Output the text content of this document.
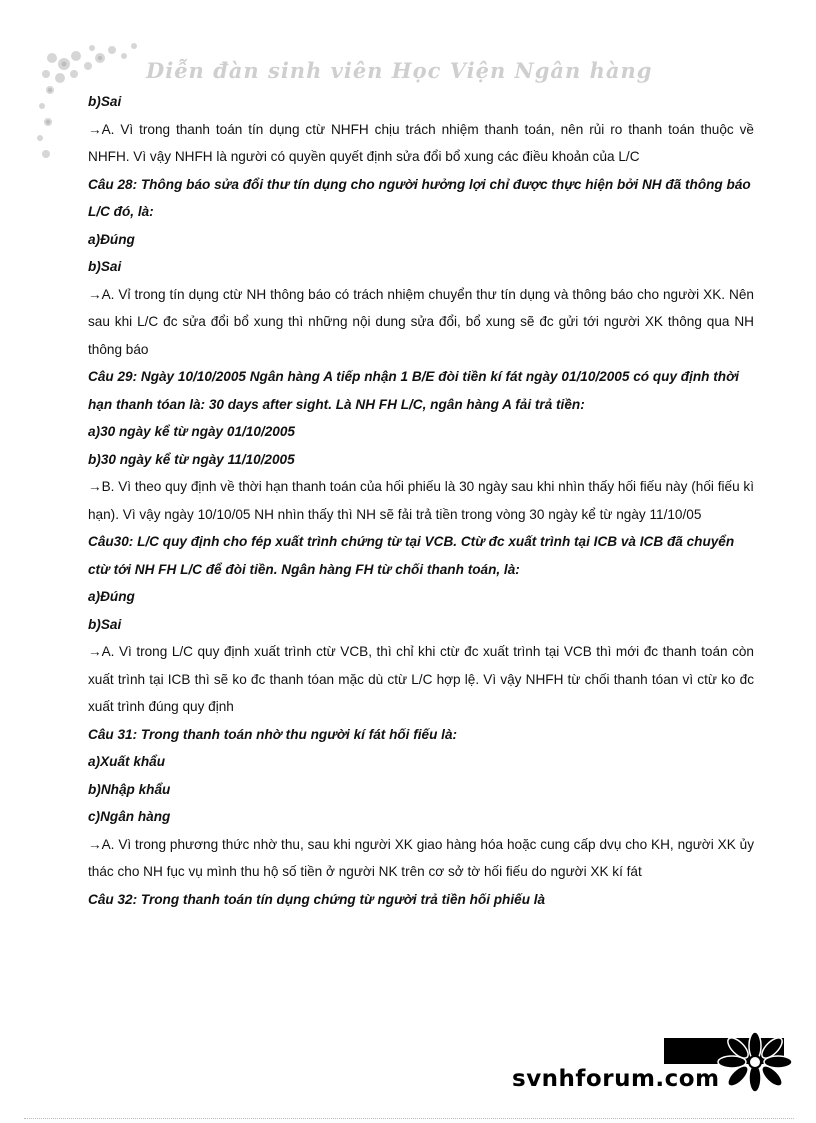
Diễn đàn sinh viên Học Viện Ngân hàng

b)Sai

→A. Vì trong thanh toán tín dụng ctừ NHFH chịu trách nhiệm thanh toán, nên rủi ro thanh toán thuộc về NHFH. Vì vậy NHFH là người có quyền quyết định sửa đổi bổ xung các điều khoản của L/C

Câu 28: Thông báo sửa đổi thư tín dụng cho người hưởng lợi chỉ được thực hiện bởi NH đã thông báo L/C đó, là:

a)Đúng

b)Sai

→A. Vỉ trong tín dụng ctừ NH thông báo có trách nhiệm chuyển thư tín dụng và thông báo cho người XK. Nên sau khi L/C đc sửa đổi bổ xung thì những nội dung sửa đổi, bổ xung sẽ đc gửi tới người XK thông qua NH thông báo

Câu 29: Ngày 10/10/2005 Ngân hàng A tiếp nhận 1 B/E đòi tiền kí fát ngày 01/10/2005 có quy định thời hạn thanh tóan là: 30 days after sight. Là NH FH L/C, ngân hàng A fải trả tiền:

a)30 ngày kể từ ngày 01/10/2005

b)30 ngày kể từ ngày 11/10/2005

→B. Vì theo quy định về thời hạn thanh toán của hối phiếu là 30 ngày sau khi nhìn thấy hối fiếu này (hối fiếu kì hạn). Vì vậy ngày 10/10/05 NH nhìn thấy thì NH sẽ fải trả tiền trong vòng 30 ngày kể từ ngày 11/10/05

Câu30: L/C quy định cho fép xuất trình chứng từ tại VCB. Ctừ đc xuất trình tại ICB và ICB đã chuyển ctừ tới NH FH L/C để đòi tiền. Ngân hàng FH từ chối thanh toán, là:

a)Đúng

b)Sai

→A. Vì trong L/C quy định xuất trình ctừ VCB, thì chỉ khi ctừ đc xuất trình tại VCB thì mới đc thanh toán còn xuất trình tại ICB thì sẽ ko đc thanh tóan mặc dù ctừ L/C hợp lệ. Vì vậy NHFH từ chối thanh tóan vì ctừ ko đc xuất trình đúng quy định

Câu 31: Trong thanh toán nhờ thu người kí fát hối fiếu là:

a)Xuất khẩu

b)Nhập khẩu

c)Ngân hàng

→A. Vì trong phương thức nhờ thu, sau khi người XK giao hàng hóa hoặc cung cấp dvụ cho KH, người XK ủy thác cho NH fục vụ mình thu hộ số tiền ở người NK trên cơ sở tờ hối fiếu do người XK kí fát

Câu 32: Trong thanh toán tín dụng chứng từ người trả tiền hối phiếu là

svnhforum.com
